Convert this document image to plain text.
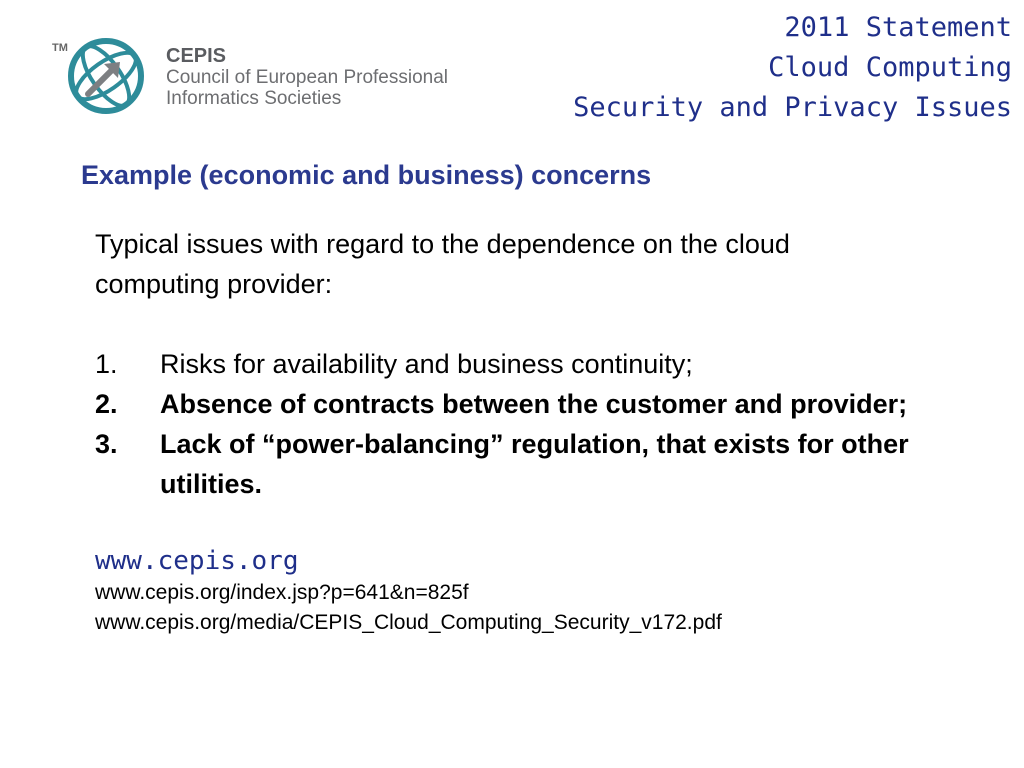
TM	CEPIS
Council of European Professional
Informatics Societies
2011 Statement
Cloud Computing
Security and Privacy Issues
Example (economic and business) concerns

Typical issues with regard to the dependence on the cloud computing provider:

1.	Risks for availability and business continuity;
2.	Absence of contracts between the customer and provider;
3.	Lack of “power-balancing” regulation, that exists for other utilities.
www.cepis.org
www.cepis.org/index.jsp?p=641&n=825f
www.cepis.org/media/CEPIS_Cloud_Computing_Security_v172.pdf
